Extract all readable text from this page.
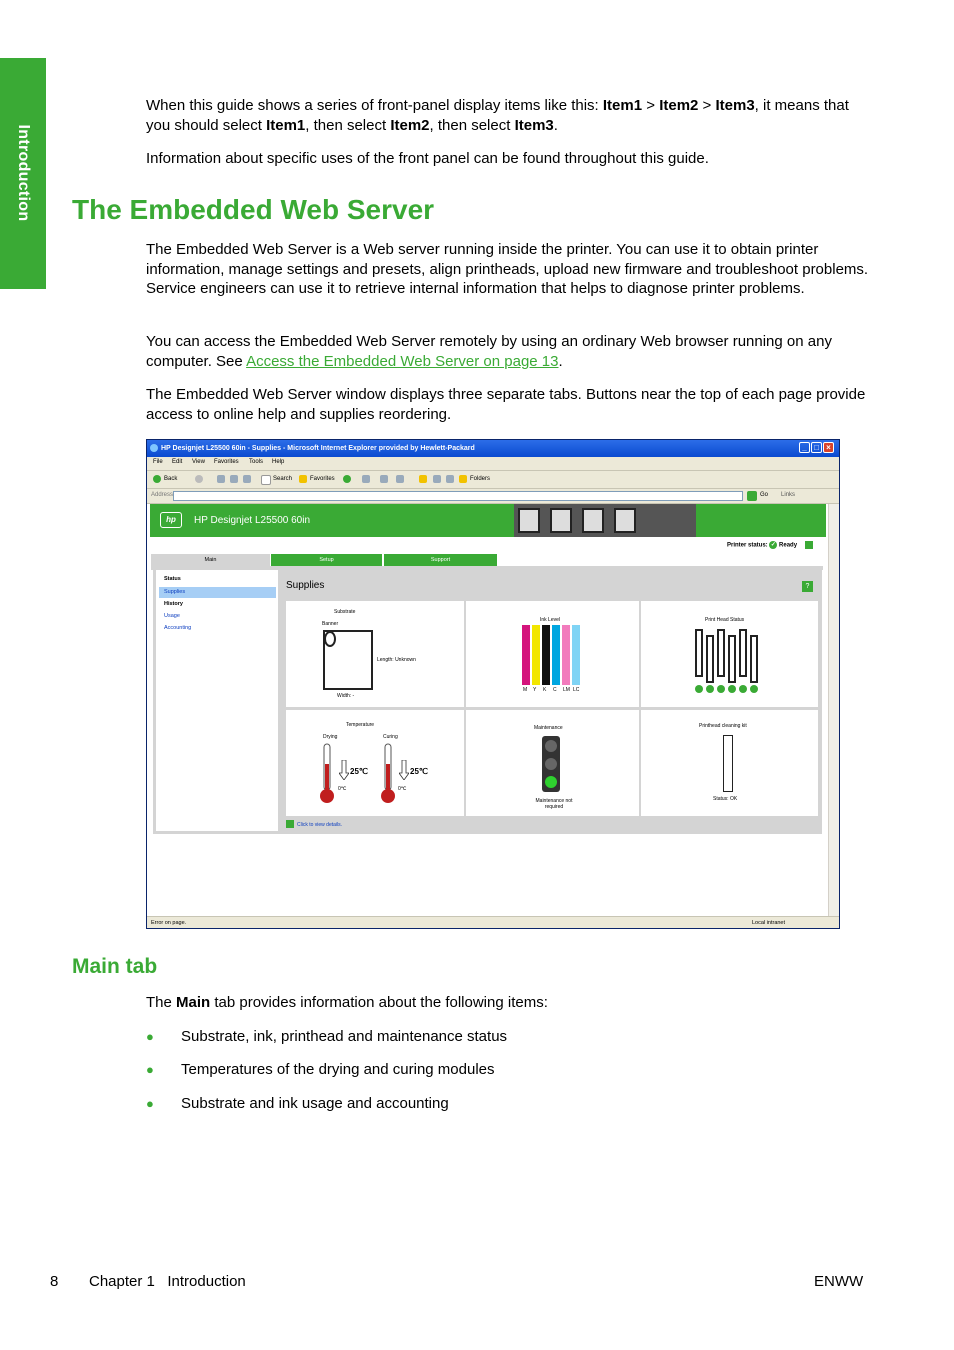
Introduction

When this guide shows a series of front-panel display items like this: Item1 > Item2 > Item3, it means that you should select Item1, then select Item2, then select Item3.

Information about specific uses of the front panel can be found throughout this guide.

The Embedded Web Server

The Embedded Web Server is a Web server running inside the printer. You can use it to obtain printer information, manage settings and presets, align printheads, upload new firmware and troubleshoot problems. Service engineers can use it to retrieve internal information that helps to diagnose printer problems.

You can access the Embedded Web Server remotely by using an ordinary Web browser running on any computer. See Access the Embedded Web Server on page 13.

The Embedded Web Server window displays three separate tabs. Buttons near the top of each page provide access to online help and supplies reordering.

HP Designjet L25500 60in - Supplies - Microsoft Internet Explorer provided by Hewlett-Packard	_ □ ×
File Edit View Favorites Tools Help
Back	Search	Favorites	Folders
Address	Go Links
hp	HP Designjet L25500 60in
Printer status: ✓ Ready
Main	Setup	Support
Status
Supplies
History
Usage
Accounting
Supplies	?
Substrate
Banner
Length: Unknown
Width: -
Ink Level
M Y K C LM LC
Print Head Status
Temperature
Drying	Curing
25℃
0℃
25℃
0℃
Maintenance
Maintenance not required
Printhead cleaning kit
Status: OK
Click to view details.
Error on page.	Local intranet
Main tab

The Main tab provides information about the following items:

● Substrate, ink, printhead and maintenance status
● Temperatures of the drying and curing modules
● Substrate and ink usage and accounting
8 Chapter 1   Introduction	ENWW
